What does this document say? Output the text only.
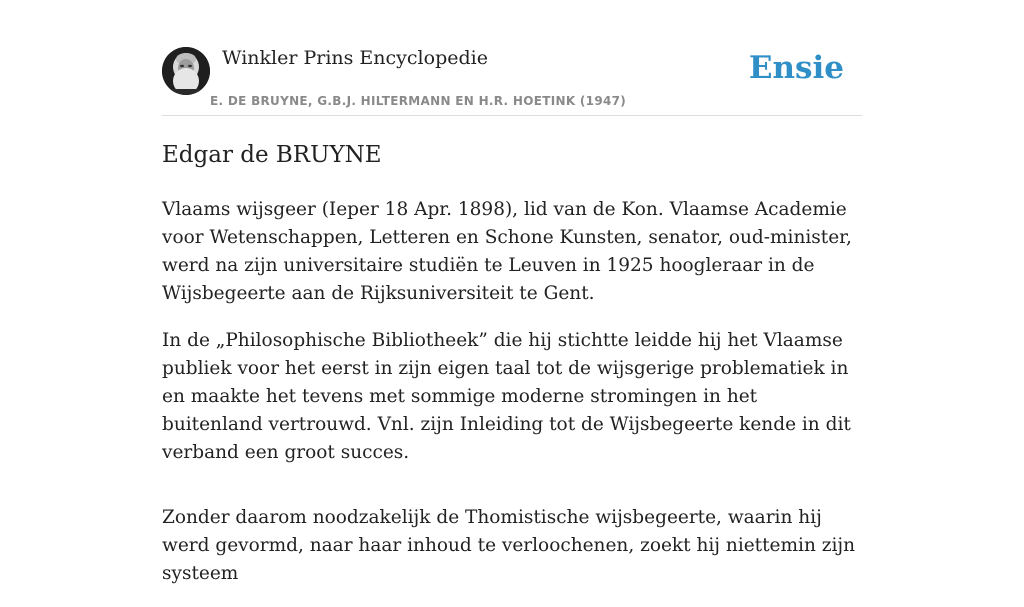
Winkler Prins Encyclopedie
E. DE BRUYNE, G.B.J. HILTERMANN EN H.R. HOETINK (1947)
Ensie
Edgar de BRUYNE

Vlaams wijsgeer (Ieper 18 Apr. 1898), lid van de Kon. Vlaamse Academie voor Wetenschappen, Letteren en Schone Kunsten, senator, oud-minister, werd na zijn universitaire studiën te Leuven in 1925 hoogleraar in de Wijsbegeerte aan de Rijksuniversiteit te Gent.

In de „Philosophische Bibliotheek” die hij stichtte leidde hij het Vlaamse publiek voor het eerst in zijn eigen taal tot de wijsgerige problematiek in en maakte het tevens met sommige moderne stromingen in het buitenland vertrouwd. Vnl. zijn Inleiding tot de Wijsbegeerte kende in dit verband een groot succes.

Zonder daarom noodzakelijk de Thomistische wijsbegeerte, waarin hij werd gevormd, naar haar inhoud te verloochenen, zoekt hij niettemin zijn systeem
